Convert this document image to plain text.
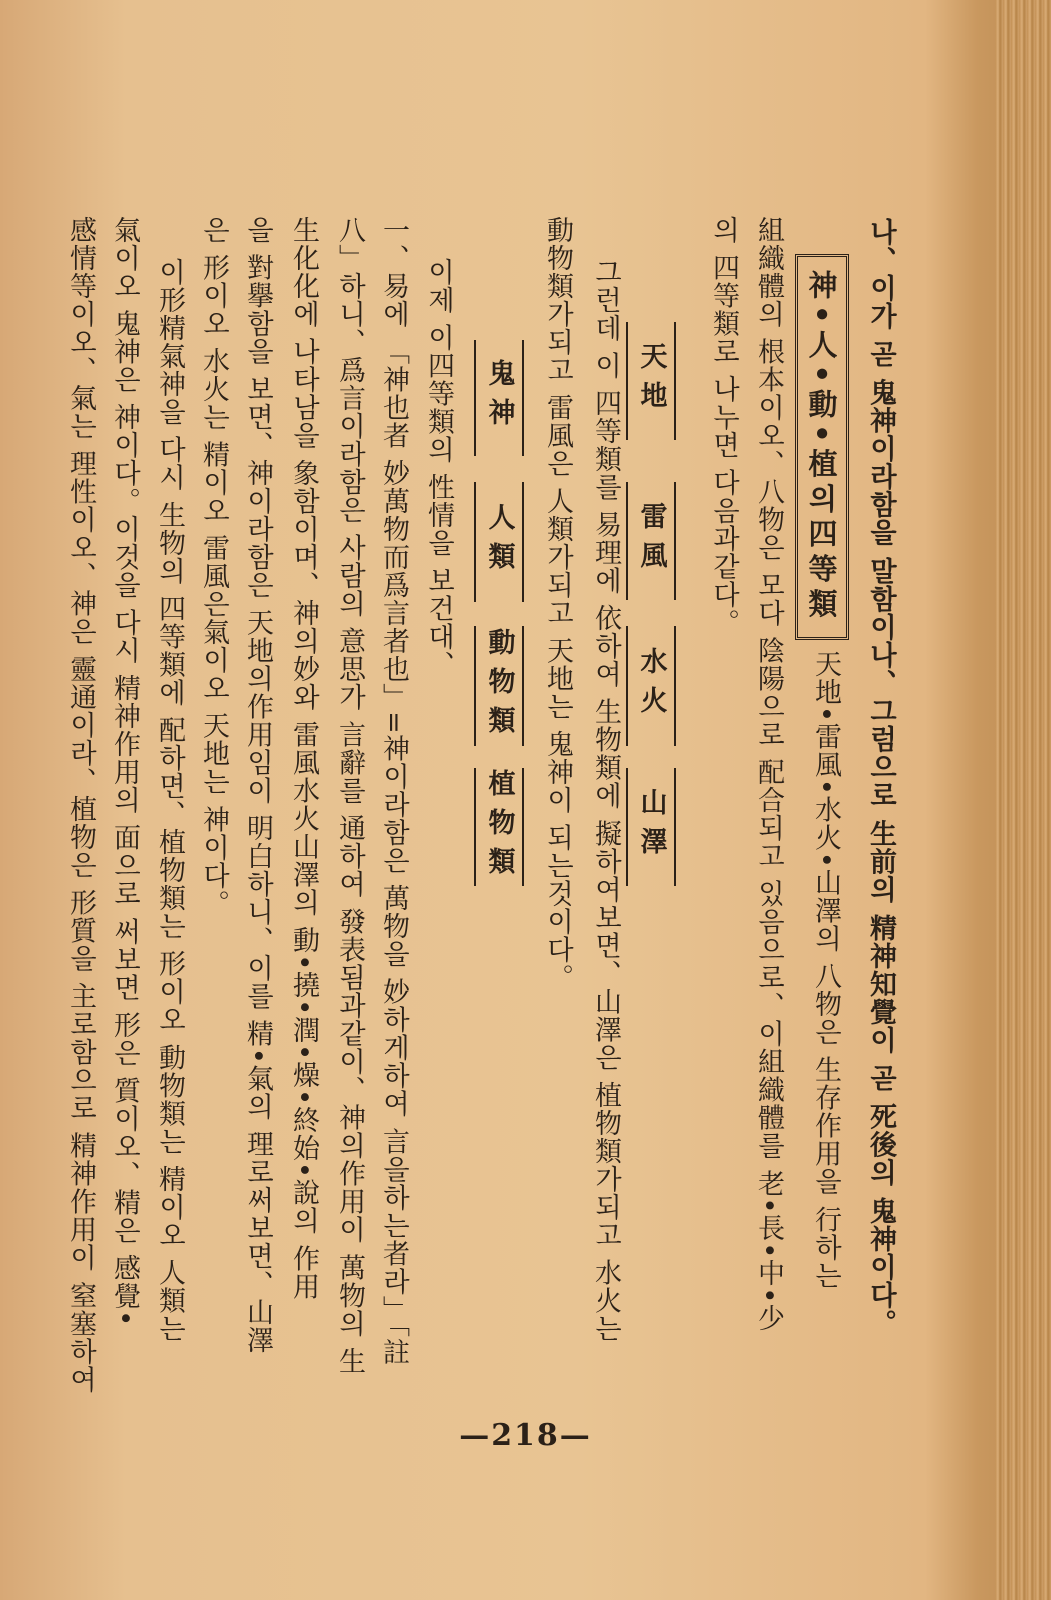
나、이가 곧 鬼神이라함을 말함이나、그럼으로 生前의 精神知覺이 곧 死後의 鬼神이다。
神•人•動•植의四等類
天地•雷風•水火•山澤의 八物은 生存作用을 行하는
組織體의 根本이오、八物은 모다 陰陽으로 配合되고 있음으로、이組織體를 老•長•中•少
의 四等類로 나누면 다음과같다。
天地
雷風
水火
山澤
그런데 이 四等類를 易理에 依하여 生物類에 擬하여보면、山澤은 植物類가되고 水火는
動物類가되고 雷風은 人類가되고 天地는 鬼神이 되는것이다。
鬼神
人類
動物類
植物類
이제 이四等類의 性情을 보건대、
一、易에 「神也者 妙萬物而爲言者也」=神이라함은 萬物을 妙하게하여 言을하는者라」「註
八」하니、爲言이라함은 사람의 意思가 言辭를 通하여 發表됨과같이、神의作用이 萬物의 生
生化化에 나타남을 象함이며、神의妙와 雷風水火山澤의 動•撓•潤•燥•終始•說의 作用
을 對擧함을 보면、神이라함은 天地의作用임이 明白하니、이를 精•氣의 理로써보면、山澤
은 形이오 水火는 精이오 雷風은氣이오 天地는 神이다。
이形精氣神을 다시 生物의 四等類에 配하면、植物類는 形이오 動物類는 精이오 人類는
氣이오 鬼神은 神이다。이것을 다시 精神作用의 面으로 써보면 形은 質이오、精은 感覺•
感情等이오、氣는 理性이오、神은 靈通이라、植物은 形質을 主로함으로 精神作用이 窒塞하여
—218—
